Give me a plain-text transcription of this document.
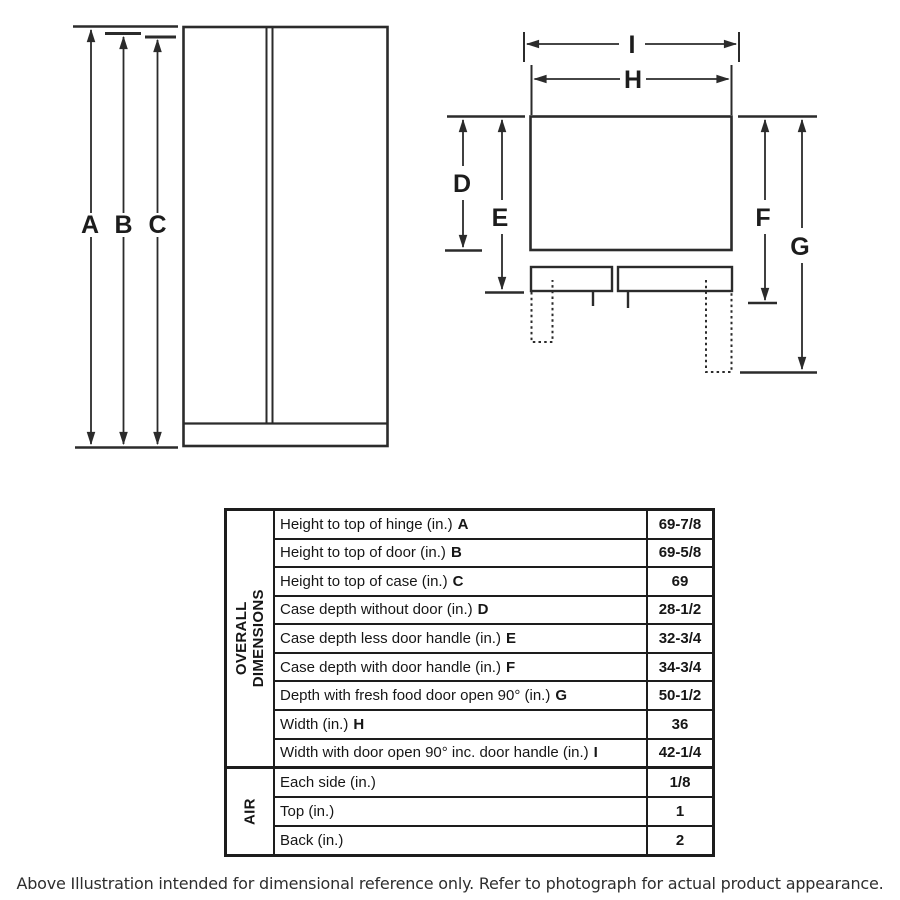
A B C
I
H
D
E	F
G
OVERALL DIMENSIONS
Height to top of hinge (in.) A	69-7/8
Height to top of door (in.) B	69-5/8
Height to top of case (in.) C	69
Case depth without door (in.) D	28-1/2
Case depth less door handle (in.) E	32-3/4
Case depth with door handle (in.) F	34-3/4
Depth with fresh food door open 90° (in.) G	50-1/2
Width (in.) H	36
Width with door open 90° inc. door handle (in.) I	42-1/4
AIR
Each side (in.)	1/8
Top (in.)	1
Back (in.)	2
Above Illustration intended for dimensional reference only. Refer to photograph for actual product appearance.
